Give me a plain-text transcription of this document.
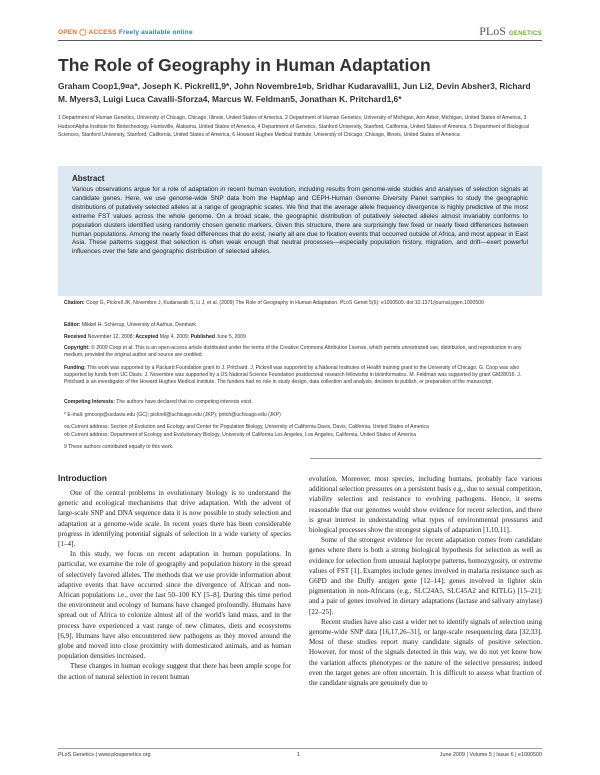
OPEN ◯ ACCESS Freely available online	PLoS GENETICS
The Role of Geography in Human Adaptation
Graham Coop1,9¤a*, Joseph K. Pickrell1,9*, John Novembre1¤b, Sridhar Kudaravalli1, Jun Li2, Devin Absher3, Richard M. Myers3, Luigi Luca Cavalli-Sforza4, Marcus W. Feldman5, Jonathan K. Pritchard1,6*
1 Department of Human Genetics, University of Chicago, Chicago, Illinois, United States of America, 2 Department of Human Genetics, University of Michigan, Ann Arbor, Michigan, United States of America, 3 HudsonAlpha Institute for Biotechnology, Huntsville, Alabama, United States of America, 4 Department of Genetics, Stanford University, Stanford, California, United States of America, 5 Department of Biological Sciences, Stanford University, Stanford, California, United States of America, 6 Howard Hughes Medical Institute, University of Chicago, Chicago, Illinois, United States of America
Abstract
Various observations argue for a role of adaptation in recent human evolution, including results from genome-wide studies and analyses of selection signals at candidate genes. Here, we use genome-wide SNP data from the HapMap and CEPH-Human Genome Diversity Panel samples to study the geographic distributions of putatively selected alleles at a range of geographic scales. We find that the average allele frequency divergence is highly predictive of the most extreme FST values across the whole genome. On a broad scale, the geographic distribution of putatively selected alleles almost invariably conforms to population clusters identified using randomly chosen genetic markers. Given this structure, there are surprisingly few fixed or nearly fixed differences between human populations. Among the nearly fixed differences that do exist, nearly all are due to fixation events that occurred outside of Africa, and most appear in East Asia. These patterns suggest that selection is often weak enough that neutral processes—especially population history, migration, and drift—exert powerful influences over the fate and geographic distribution of selected alleles.
Citation: Coop G, Pickrell JK, Novembre J, Kudaravalli S, Li J, et al. (2009) The Role of Geography in Human Adaptation. PLoS Genet 5(6): e1000500. doi:10.1371/journal.pgen.1000500
Editor: Mikkel H. Schierup, University of Aarhus, Denmark
Received November 12, 2008; Accepted May 4, 2009; Published June 5, 2009
Copyright: © 2009 Coop et al. This is an open-access article distributed under the terms of the Creative Commons Attribution License, which permits unrestricted use, distribution, and reproduction in any medium, provided the original author and source are credited.
Funding: This work was supported by a Packard Foundation grant to J. Pritchard. J. Pickrell was supported by a National Institutes of Health training grant to the University of Chicago. G. Coop was also supported by funds from UC Davis. J. Novembre was supported by a US National Science Foundation postdoctoral research fellowship in bioinformatics. M. Feldman was supported by grant GM28016. J. Pritchard is an investigator of the Howard Hughes Medical Institute. The funders had no role in study design, data collection and analysis, decision to publish, or preparation of the manuscript.
Competing Interests: The authors have declared that no competing interests exist.
* E-mail: gmcoop@ucdavis.edu (GC); pickrell@uchicago.edu (JKP); pritch@uchicago.edu (JKP)
¤a Current address: Section of Evolution and Ecology and Center for Population Biology, University of California Davis, Davis, California, United States of America
¤b Current address: Department of Ecology and Evolutionary Biology, University of California Los Angeles, Los Angeles, California, United States of America
9 These authors contributed equally to this work.
Introduction

One of the central problems in evolutionary biology is to understand the genetic and ecological mechanisms that drive adaptation. With the advent of large-scale SNP and DNA sequence data it is now possible to study selection and adaptation at a genome-wide scale. In recent years there has been considerable progress in identifying potential signals of selection in a wide variety of species [1–4].

In this study, we focus on recent adaptation in human populations. In particular, we examine the role of geography and population history in the spread of selectively favored alleles. The methods that we use provide information about adaptive events that have occurred since the divergence of African and non-African populations i.e., over the last 50–100 KY [5–8]. During this time period the environment and ecology of humans have changed profoundly. Humans have spread out of Africa to colonize almost all of the world's land mass, and in the process have experienced a vast range of new climates, diets and ecosystems [6,9]. Humans have also encountered new pathogens as they moved around the globe and moved into close proximity with domesticated animals, and as human population densities increased.

These changes in human ecology suggest that there has been ample scope for the action of natural selection in recent human

evolution. Moreover, most species, including humans, probably face various additional selection pressures on a persistent basis e.g., due to sexual competition, viability selection and resistance to evolving pathogens. Hence, it seems reasonable that our genomes would show evidence for recent selection, and there is great interest in understanding what types of environmental pressures and biological processes show the strongest signals of adaptation [1,10,11].

Some of the strongest evidence for recent adaptation comes from candidate genes where there is both a strong biological hypothesis for selection as well as evidence for selection from unusual haplotype patterns, homozygosity, or extreme values of FST [1]. Examples include genes involved in malaria resistance such as G6PD and the Duffy antigen gene [12–14]; genes involved in lighter skin pigmentation in non-Africans (e.g., SLC24A5, SLC45A2 and KITLG) [15–21]; and a pair of genes involved in dietary adaptations (lactase and salivary amylase) [22–25].

Recent studies have also cast a wider net to identify signals of selection using genome-wide SNP data [16,17,26–31], or large-scale resequencing data [32,33]. Most of these studies report many candidate signals of positive selection. However, for most of the signals detected in this way, we do not yet know how the variation affects phenotypes or the nature of the selective pressures; indeed even the target genes are often uncertain. It is difficult to assess what fraction of the candidate signals are genuinely due to

PLoS Genetics | www.plosgenetics.org	1	June 2009 | Volume 5 | Issue 6 | e1000500
